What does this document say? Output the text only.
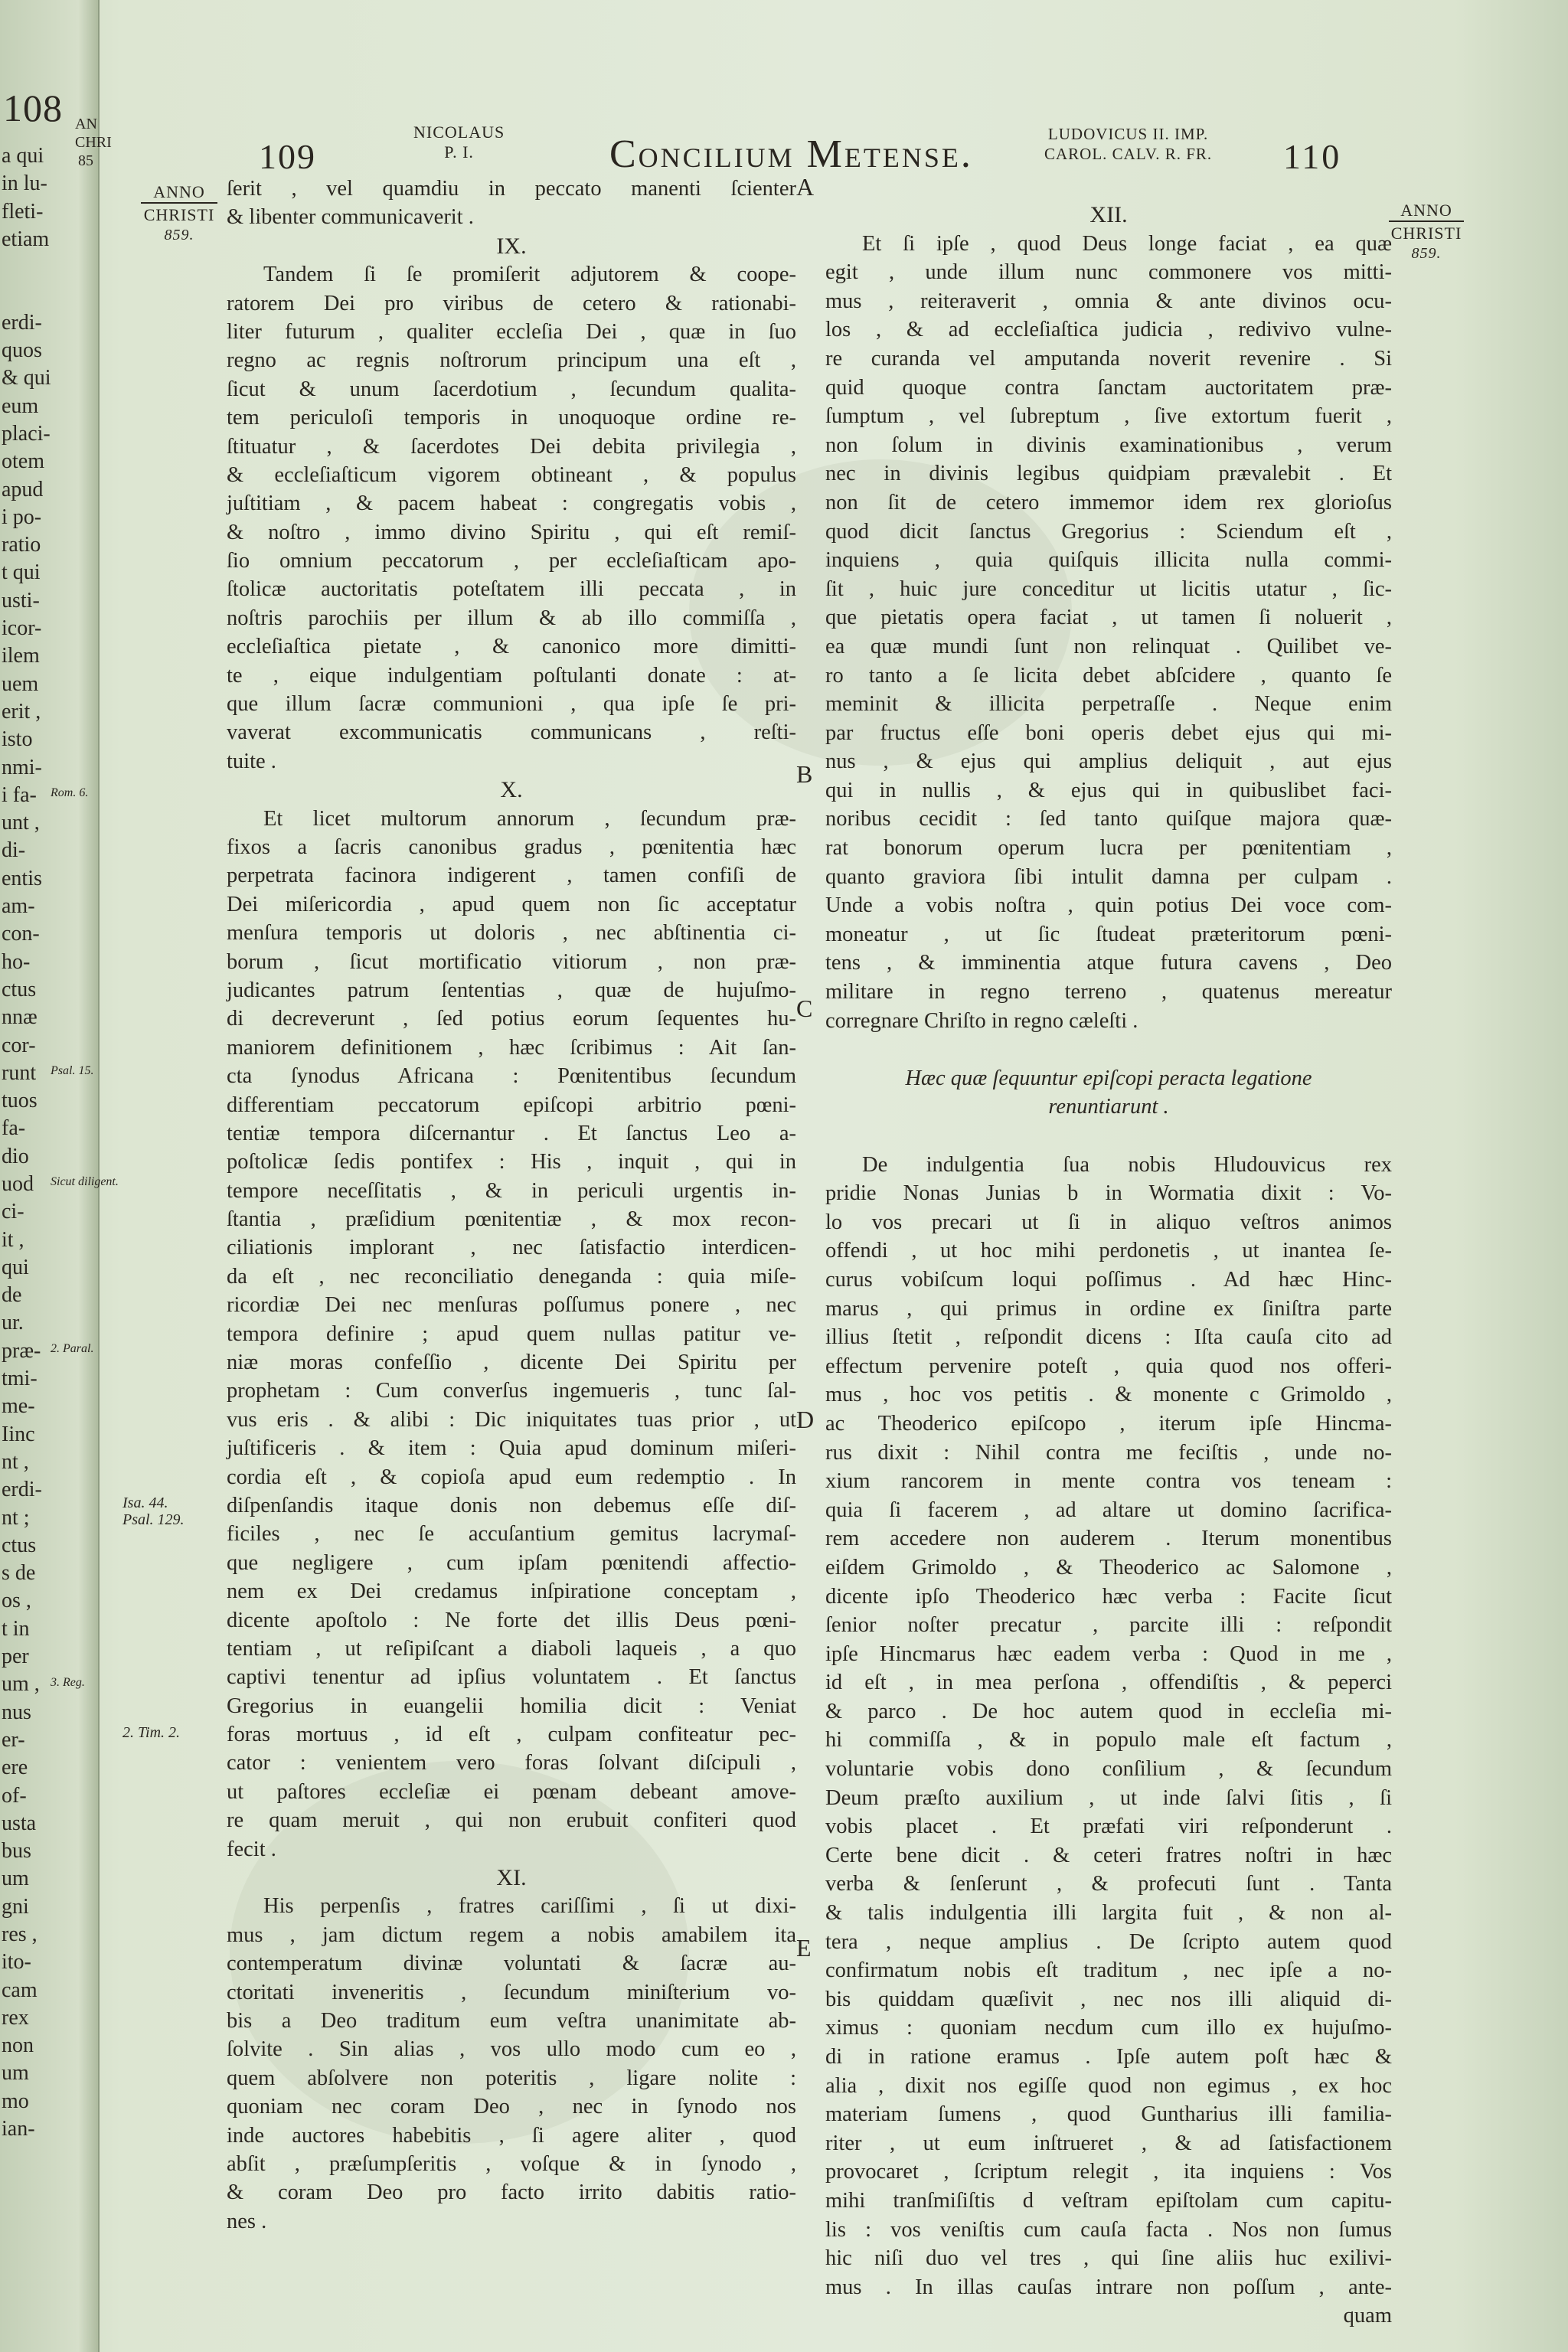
108 AN
CHRI
85
a qui
in lu-
fleti-
etiam
erdi-
quos
& qui
eum
placi-
otem
apud
i po-
ratio
t qui
usti-
icor-
ilem
uem
erit ,
isto
nmi-
i fa-
unt ,
di-
entis
am-
con-
ho-
ctus
nnæ
cor-
runt
tuos
fa-
dio
uod
ci-
it ,
qui
de
ur.
præ-
tmi-
me-
Iinc
nt ,
erdi-
nt ;
ctus
s de
os ,
t in
per
um ,
nus
er-
ere
of-
usta
bus
um
gni
res ,
ito-
cam
rex
non
um
mo
ian-
Rom. 6.
Psal. 15.
Sicut diligent.
2. Paral.
3. Reg.
109
NICOLAUS
P. I.	Concilium Metense.	LUDOVICUS II. IMP.
CAROL. CALV. R. FR. 110
ANNO
CHRISTI
859.
ANNO
CHRISTI
859.
ſerit , vel quamdiu in peccato manenti ſcienter
& libenter communicaverit .
IX.
Tandem ſi ſe promiſerit adjutorem & coope-
ratorem Dei pro viribus de cetero & rationabi-
liter futurum , qualiter eccleſia Dei , quæ in ſuo
regno ac regnis noſtrorum principum una eſt ,
ſicut & unum ſacerdotium , ſecundum qualita-
tem periculoſi temporis in unoquoque ordine re-
ſtituatur , & ſacerdotes Dei debita privilegia ,
& eccleſiaſticum vigorem obtineant , & populus
juſtitiam , & pacem habeat : congregatis vobis ,
& noſtro , immo divino Spiritu , qui eſt remiſ-
ſio omnium peccatorum , per eccleſiaſticam apo-
ſtolicæ auctoritatis poteſtatem illi peccata , in
noſtris parochiis per illum & ab illo commiſſa ,
eccleſiaſtica pietate , & canonico more dimitti-
te , eique indulgentiam poſtulanti donate : at-
que illum ſacræ communioni , qua ipſe ſe pri-
vaverat excommunicatis communicans , reſti-
tuite .
X.
Et licet multorum annorum , ſecundum præ-
fixos a ſacris canonibus gradus , pœnitentia hæc
perpetrata facinora indigerent , tamen confiſi de
Dei miſericordia , apud quem non ſic acceptatur
menſura temporis ut doloris , nec abſtinentia ci-
borum , ſicut mortificatio vitiorum , non præ-
judicantes patrum ſententias , quæ de hujuſmo-
di decreverunt , ſed potius eorum ſequentes hu-
maniorem definitionem , hæc ſcribimus : Ait ſan-
cta ſynodus Africana : Pœnitentibus ſecundum
differentiam peccatorum epiſcopi arbitrio pœni-
tentiæ tempora diſcernantur . Et ſanctus Leo a-
poſtolicæ ſedis pontifex : His , inquit , qui in
tempore neceſſitatis , & in periculi urgentis in-
ſtantia , præſidium pœnitentiæ , & mox recon-
ciliationis implorant , nec ſatisfactio interdicen-
da eſt , nec reconciliatio deneganda : quia miſe-
ricordiæ Dei nec menſuras poſſumus ponere , nec
tempora definire ; apud quem nullas patitur ve-
niæ moras confeſſio , dicente Dei Spiritu per
prophetam : Cum converſus ingemueris , tunc ſal-
vus eris . & alibi : Dic iniquitates tuas prior , ut
juſtificeris . & item : Quia apud dominum miſeri-
cordia eſt , & copioſa apud eum redemptio . In
diſpenſandis itaque donis non debemus eſſe diſ-
ficiles , nec ſe accuſantium gemitus lacrymaſ-
que negligere , cum ipſam pœnitendi affectio-
nem ex Dei credamus inſpiratione conceptam ,
dicente apoſtolo : Ne forte det illis Deus pœni-
tentiam , ut reſipiſcant a diaboli laqueis , a quo
captivi tenentur ad ipſius voluntatem . Et ſanctus
Gregorius in euangelii homilia dicit : Veniat
foras mortuus , id eſt , culpam confiteatur pec-
cator : venientem vero foras ſolvant diſcipuli ,
ut paſtores eccleſiæ ei pœnam debeant amove-
re quam meruit , qui non erubuit confiteri quod
fecit .
XI.
His perpenſis , fratres cariſſimi , ſi ut dixi-
mus , jam dictum regem a nobis amabilem ita
contemperatum divinæ voluntati & ſacræ au-
ctoritati inveneritis , ſecundum miniſterium vo-
bis a Deo traditum eum veſtra unanimitate ab-
ſolvite . Sin alias , vos ullo modo cum eo ,
quem abſolvere non poteritis , ligare nolite :
quoniam nec coram Deo , nec in ſynodo nos
inde auctores habebitis , ſi agere aliter , quod
abſit , præſumpſeritis , voſque & in ſynodo ,
& coram Deo pro facto irrito dabitis ratio-
nes .
XII.
Et ſi ipſe , quod Deus longe faciat , ea quæ
egit , unde illum nunc commonere vos mitti-
mus , reiteraverit , omnia & ante divinos ocu-
los , & ad eccleſiaſtica judicia , redivivo vulne-
re curanda vel amputanda noverit revenire . Si
quid quoque contra ſanctam auctoritatem præ-
ſumptum , vel ſubreptum , ſive extortum fuerit ,
non ſolum in divinis examinationibus , verum
nec in divinis legibus quidpiam prævalebit . Et
non ſit de cetero immemor idem rex glorioſus
quod dicit ſanctus Gregorius : Sciendum eſt ,
inquiens , quia quiſquis illicita nulla commi-
ſit , huic jure conceditur ut licitis utatur , ſic-
que pietatis opera faciat , ut tamen ſi noluerit ,
ea quæ mundi ſunt non relinquat . Quilibet ve-
ro tanto a ſe licita debet abſcidere , quanto ſe
meminit & illicita perpetraſſe . Neque enim
par fructus eſſe boni operis debet ejus qui mi-
nus , & ejus qui amplius deliquit , aut ejus
qui in nullis , & ejus qui in quibuslibet faci-
noribus cecidit : ſed tanto quiſque majora quæ-
rat bonorum operum lucra per pœnitentiam ,
quanto graviora ſibi intulit damna per culpam .
Unde a vobis noſtra , quin potius Dei voce com-
moneatur , ut ſic ſtudeat præteritorum pœni-
tens , & imminentia atque futura cavens , Deo
militare in regno terreno , quatenus mereatur
corregnare Chriſto in regno cæleſti .
Hæc quæ ſequuntur epiſcopi peracta legatione
renuntiarunt .
De indulgentia ſua nobis Hludouvicus rex
pridie Nonas Junias b in Wormatia dixit : Vo-
lo vos precari ut ſi in aliquo veſtros animos
offendi , ut hoc mihi perdonetis , ut inantea ſe-
curus vobiſcum loqui poſſimus . Ad hæc Hinc-
marus , qui primus in ordine ex ſiniſtra parte
illius ſtetit , reſpondit dicens : Iſta cauſa cito ad
effectum pervenire poteſt , quia quod nos offeri-
mus , hoc vos petitis . & monente c Grimoldo ,
ac Theoderico epiſcopo , iterum ipſe Hincma-
rus dixit : Nihil contra me feciſtis , unde no-
xium rancorem in mente contra vos teneam :
quia ſi facerem , ad altare ut domino ſacrifica-
rem accedere non auderem . Iterum monentibus
eiſdem Grimoldo , & Theoderico ac Salomone ,
dicente ipſo Theoderico hæc verba : Facite ſicut
ſenior noſter precatur , parcite illi : reſpondit
ipſe Hincmarus hæc eadem verba : Quod in me ,
id eſt , in mea perſona , offendiſtis , & peperci
& parco . De hoc autem quod in eccleſia mi-
hi commiſſa , & in populo male eſt factum ,
voluntarie vobis dono conſilium , & ſecundum
Deum præſto auxilium , ut inde ſalvi ſitis , ſi
vobis placet . Et præfati viri reſponderunt .
Certe bene dicit . & ceteri fratres noſtri in hæc
verba & ſenſerunt , & profecuti ſunt . Tanta
& talis indulgentia illi largita fuit , & non al-
tera , neque amplius . De ſcripto autem quod
confirmatum nobis eſt traditum , nec ipſe a no-
bis quiddam quæſivit , nec nos illi aliquid di-
ximus : quoniam necdum cum illo ex hujuſmo-
di in ratione eramus . Ipſe autem poſt hæc &
alia , dixit nos egiſſe quod non egimus , ex hoc
materiam ſumens , quod Guntharius illi familia-
riter , ut eum inſtrueret , & ad ſatisfactionem
provocaret , ſcriptum relegit , ita inquiens : Vos
mihi tranſmiſiſtis d veſtram epiſtolam cum capitu-
lis : vos veniſtis cum cauſa facta . Nos non ſumus
hic niſi duo vel tres , qui ſine aliis huc exilivi-
mus . In illas cauſas intrare non poſſum , ante-
quam
A
B
C
D
E
Isa. 44.
Psal. 129.
2. Tim. 2.
